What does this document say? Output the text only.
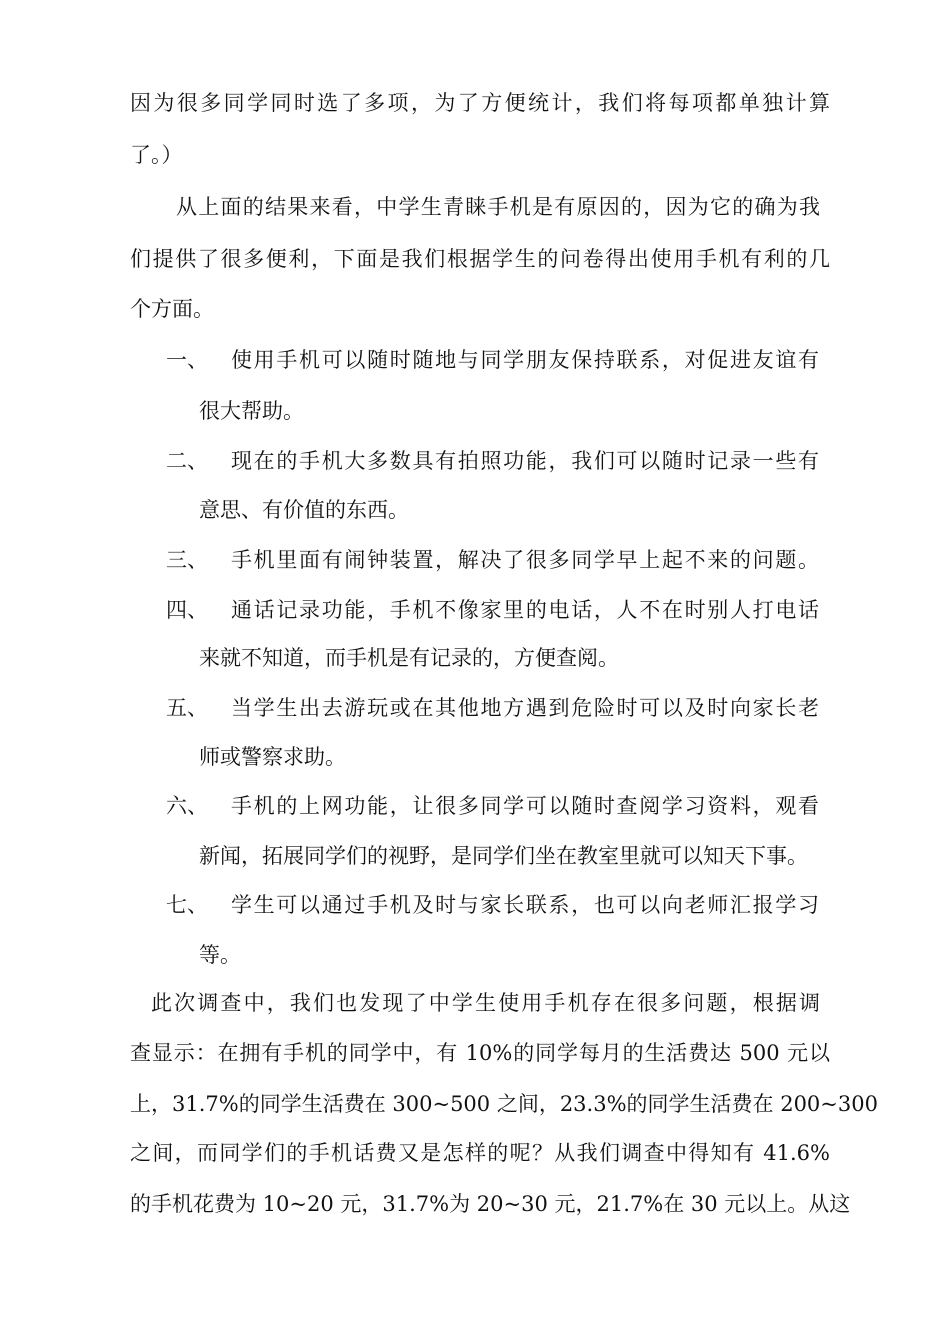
因为很多同学同时选了多项，为了方便统计，我们将每项都单独计算
了。）
从上面的结果来看，中学生青睐手机是有原因的，因为它的确为我
们提供了很多便利，下面是我们根据学生的问卷得出使用手机有利的几
个方面。
一、 使用手机可以随时随地与同学朋友保持联系，对促进友谊有
很大帮助。
二、 现在的手机大多数具有拍照功能，我们可以随时记录一些有
意思、有价值的东西。
三、 手机里面有闹钟装置，解决了很多同学早上起不来的问题。
四、 通话记录功能，手机不像家里的电话，人不在时别人打电话
来就不知道，而手机是有记录的，方便查阅。
五、 当学生出去游玩或在其他地方遇到危险时可以及时向家长老
师或警察求助。
六、 手机的上网功能，让很多同学可以随时查阅学习资料，观看
新闻，拓展同学们的视野，是同学们坐在教室里就可以知天下事。
七、 学生可以通过手机及时与家长联系，也可以向老师汇报学习
等。
此次调查中，我们也发现了中学生使用手机存在很多问题，根据调
查显示：在拥有手机的同学中，有 10%的同学每月的生活费达 500 元以
上，31.7%的同学生活费在 300~500 之间，23.3%的同学生活费在 200~300
之间，而同学们的手机话费又是怎样的呢？从我们调查中得知有 41.6%
的手机花费为 10~20 元，31.7%为 20~30 元，21.7%在 30 元以上。从这
